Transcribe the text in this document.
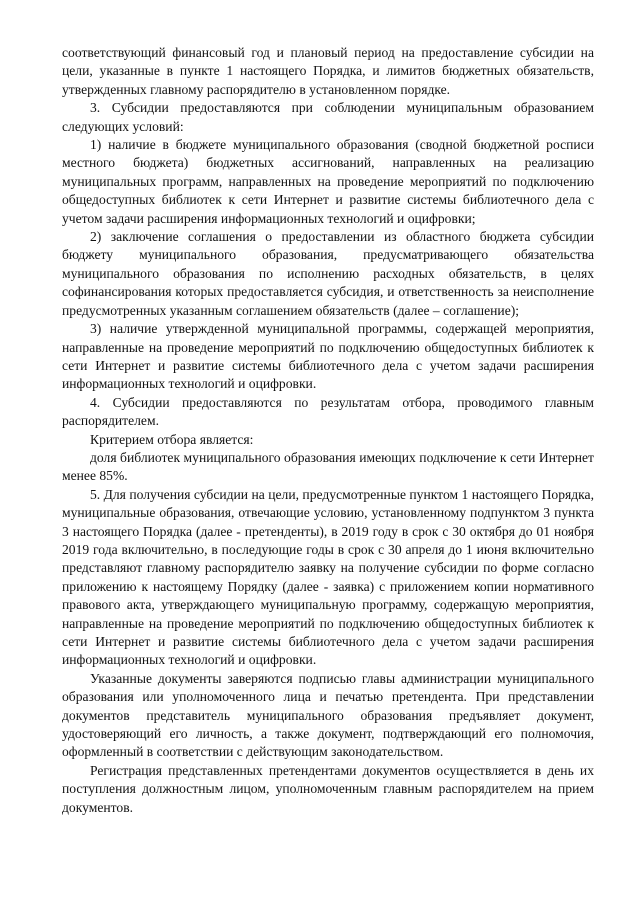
соответствующий финансовый год и плановый период на предоставление субсидии на цели, указанные в пункте 1 настоящего Порядка, и лимитов бюджетных обязательств, утвержденных главному распорядителю в установленном порядке.

3. Субсидии предоставляются при соблюдении муниципальным образованием следующих условий:

1) наличие в бюджете муниципального образования (сводной бюджетной росписи местного бюджета) бюджетных ассигнований, направленных на реализацию муниципальных программ, направленных на проведение мероприятий по подключению общедоступных библиотек к сети Интернет и развитие системы библиотечного дела с учетом задачи расширения информационных технологий и оцифровки;

2) заключение соглашения о предоставлении из областного бюджета субсидии бюджету муниципального образования, предусматривающего обязательства муниципального образования по исполнению расходных обязательств, в целях софинансирования которых предоставляется субсидия, и ответственность за неисполнение предусмотренных указанным соглашением обязательств (далее – соглашение);

3) наличие утвержденной муниципальной программы, содержащей мероприятия, направленные на проведение мероприятий по подключению общедоступных библиотек к сети Интернет и развитие системы библиотечного дела с учетом задачи расширения информационных технологий и оцифровки.

4. Субсидии предоставляются по результатам отбора, проводимого главным распорядителем.

Критерием отбора является:

доля библиотек муниципального образования имеющих подключение к сети Интернет менее 85%.

5. Для получения субсидии на цели, предусмотренные пунктом 1 настоящего Порядка, муниципальные образования, отвечающие условию, установленному подпунктом 3 пункта 3 настоящего Порядка (далее - претенденты), в 2019 году в срок с 30 октября до 01 ноября 2019 года включительно, в последующие годы в срок с 30 апреля до 1 июня включительно представляют главному распорядителю заявку на получение субсидии по форме согласно приложению к настоящему Порядку (далее - заявка) с приложением копии нормативного правового акта, утверждающего муниципальную программу, содержащую мероприятия, направленные на проведение мероприятий по подключению общедоступных библиотек к сети Интернет и развитие системы библиотечного дела с учетом задачи расширения информационных технологий и оцифровки.

Указанные документы заверяются подписью главы администрации муниципального образования или уполномоченного лица и печатью претендента. При представлении документов представитель муниципального образования предъявляет документ, удостоверяющий его личность, а также документ, подтверждающий его полномочия, оформленный в соответствии с действующим законодательством.

Регистрация представленных претендентами документов осуществляется в день их поступления должностным лицом, уполномоченным главным распорядителем на прием документов.
